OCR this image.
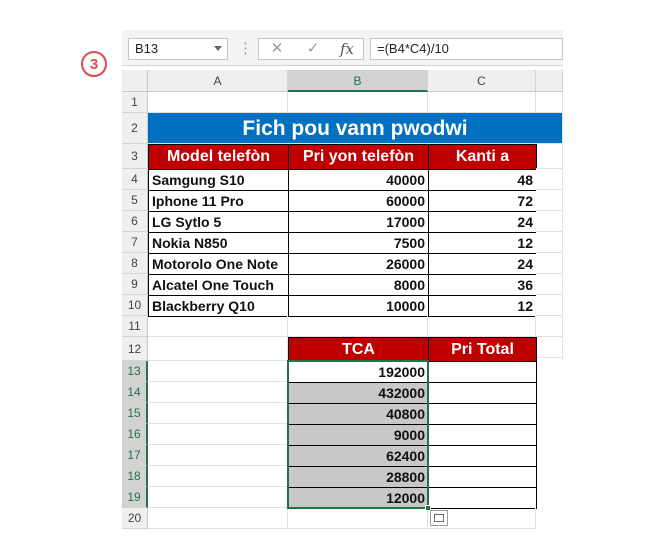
3
B13	⋮	✕	✓	fx	=(B4*C4)/10
A	B	C
1
2
3
4
5
6
7
8
9
10
11
12
13
14
15
16
17
18
19
20
Fich pou vann pwodwi
Model telefòn	Pri yon telefòn	Kanti a
Samgung S10	40000	48
Iphone 11 Pro	60000	72
LG Sytlo 5	17000	24
Nokia N850	7500	12
Motorolo One Note	26000	24
Alcatel One Touch	8000	36
Blackberry Q10	10000	12
TCA	Pri Total
192000
432000
40800
9000
62400
28800
12000
